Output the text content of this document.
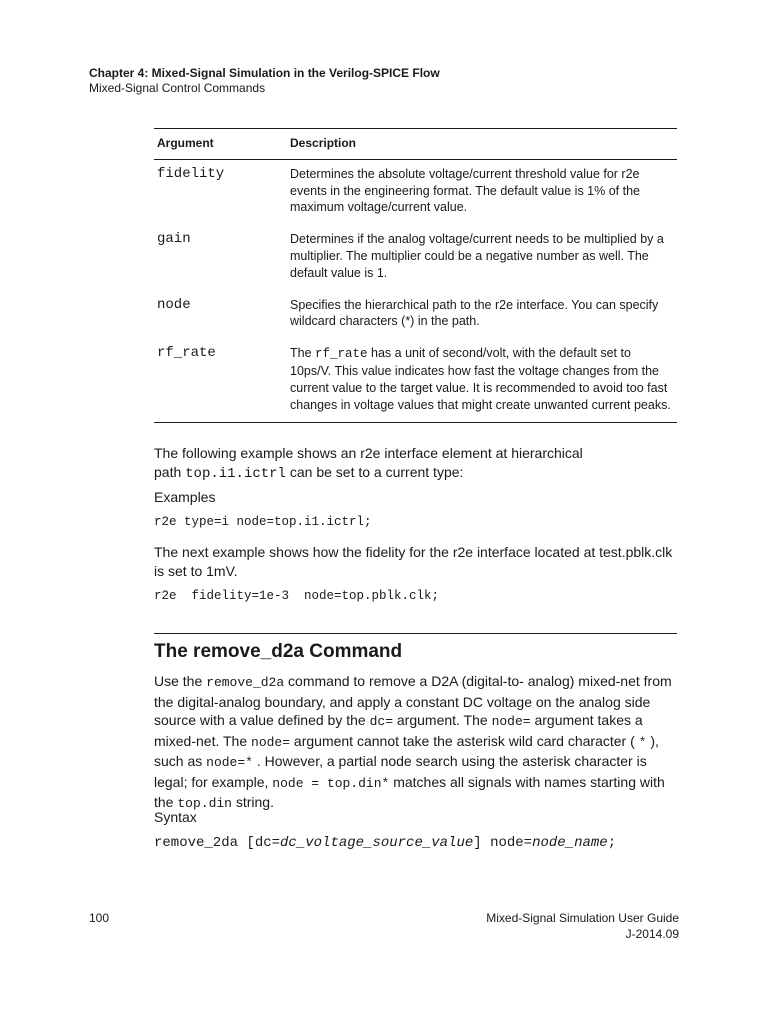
Chapter 4: Mixed-Signal Simulation in the Verilog-SPICE Flow
Mixed-Signal Control Commands
Argument	Description
fidelity	Determines the absolute voltage/current threshold value for r2e events in the engineering format. The default value is 1% of the maximum voltage/current value.
gain	Determines if the analog voltage/current needs to be multiplied by a multiplier. The multiplier could be a negative number as well. The default value is 1.
node	Specifies the hierarchical path to the r2e interface. You can specify wildcard characters (*) in the path.
rf_rate	The rf_rate has a unit of second/volt, with the default set to 10ps/V. This value indicates how fast the voltage changes from the current value to the target value. It is recommended to avoid too fast changes in voltage values that might create unwanted current peaks.
The following example shows an r2e interface element at hierarchical
path top.i1.ictrl can be set to a current type:
Examples
r2e type=i node=top.i1.ictrl;
The next example shows how the fidelity for the r2e interface located at test.pblk.clk is set to 1mV.
r2e  fidelity=1e-3  node=top.pblk.clk;
The remove_d2a Command
Use the remove_d2a command to remove a D2A (digital-to- analog) mixed-net from the digital-analog boundary, and apply a constant DC voltage on the analog side source with a value defined by the dc= argument. The node= argument takes a mixed-net. The node= argument cannot take the asterisk wild card character ( * ), such as node=* . However, a partial node search using the asterisk character is legal; for example, node = top.din* matches all signals with names starting with the top.din string.
Syntax
remove_2da [dc=dc_voltage_source_value] node=node_name;
100	Mixed-Signal Simulation User Guide
J-2014.09
